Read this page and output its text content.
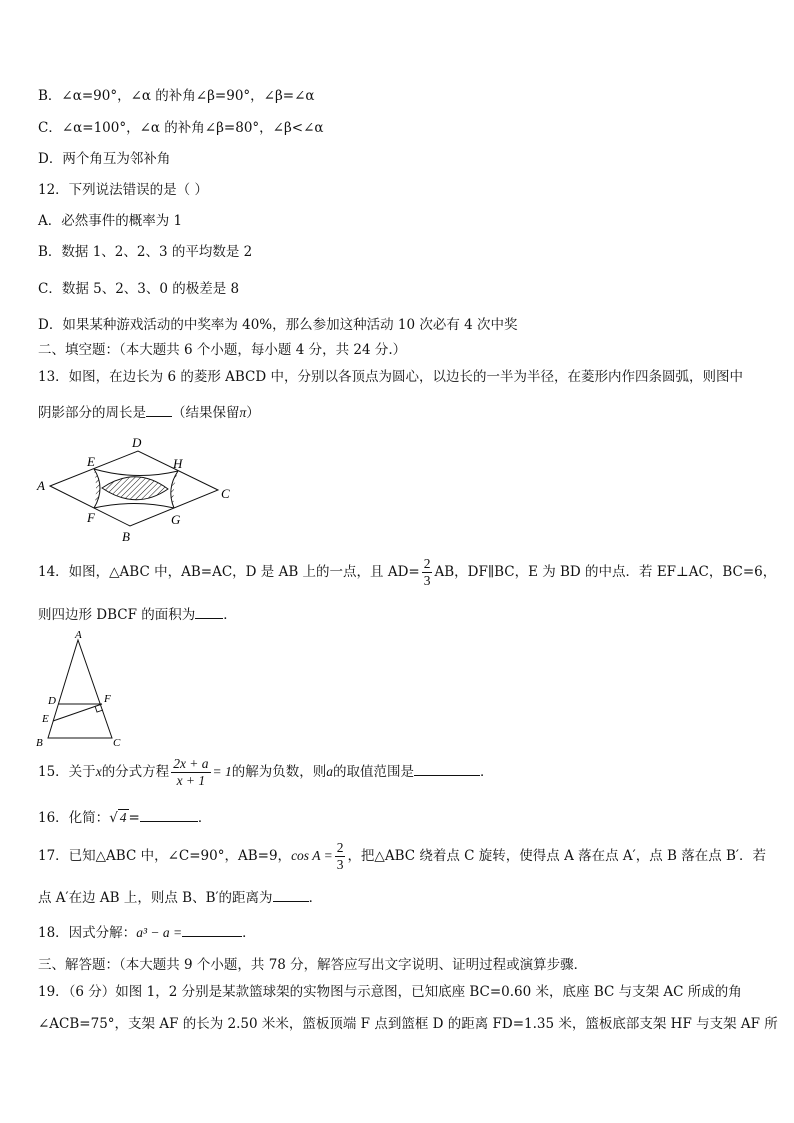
B．∠α=90°，∠α 的补角∠β=90°，∠β=∠α
C．∠α=100°，∠α 的补角∠β=80°，∠β<∠α
D．两个角互为邻补角
12．下列说法错误的是（ ）
A．必然事件的概率为 1
B．数据 1、2、2、3 的平均数是 2
C．数据 5、2、3、0 的极差是 8
D．如果某种游戏活动的中奖率为 40%，那么参加这种活动 10 次必有 4 次中奖
二、填空题：（本大题共 6 个小题，每小题 4 分，共 24 分.）
13．如图，在边长为 6 的菱形 ABCD 中，分别以各顶点为圆心，以边长的一半为半径，在菱形内作四条圆弧，则图中
阴影部分的周长是 （结果保留π）
A
D
C
B
E	H
F	G
14．如图，△ABC 中，AB=AC，D 是 AB 上的一点，且 $AD= \frac{2}{3}$ AB，DF∥BC，E 为 BD 的中点．若 EF⊥AC，BC=6，
则四边形 DBCF 的面积为 ．
A
D	F
E
B	C
15．关于x的分式方程 $\frac{2x + a}{x + 1} = 1$的解为负数，则a的取值范围是	．
16．化简：√ 4 =	．
17．已知△ABC 中，∠C=90°，AB=9，$\cos A = \frac{2}{3}$ ，把△ABC 绕着点 C 旋转，使得点 A 落在点 A′，点 B 落在点 B′．若
点 A′在边 AB 上，则点 B、B′的距离为	．
18．因式分解：a³ − a =	．
三、解答题：（本大题共 9 个小题，共 78 分，解答应写出文字说明、证明过程或演算步骤．
19．（6 分）如图 1，2 分别是某款篮球架的实物图与示意图，已知底座 BC=0.60 米，底座 BC 与支架 AC 所成的角
∠ACB=75°，支架 AF 的长为 2.50 米米，篮板顶端 F 点到篮框 D 的距离 FD=1.35 米，篮板底部支架 HF 与支架 AF 所
